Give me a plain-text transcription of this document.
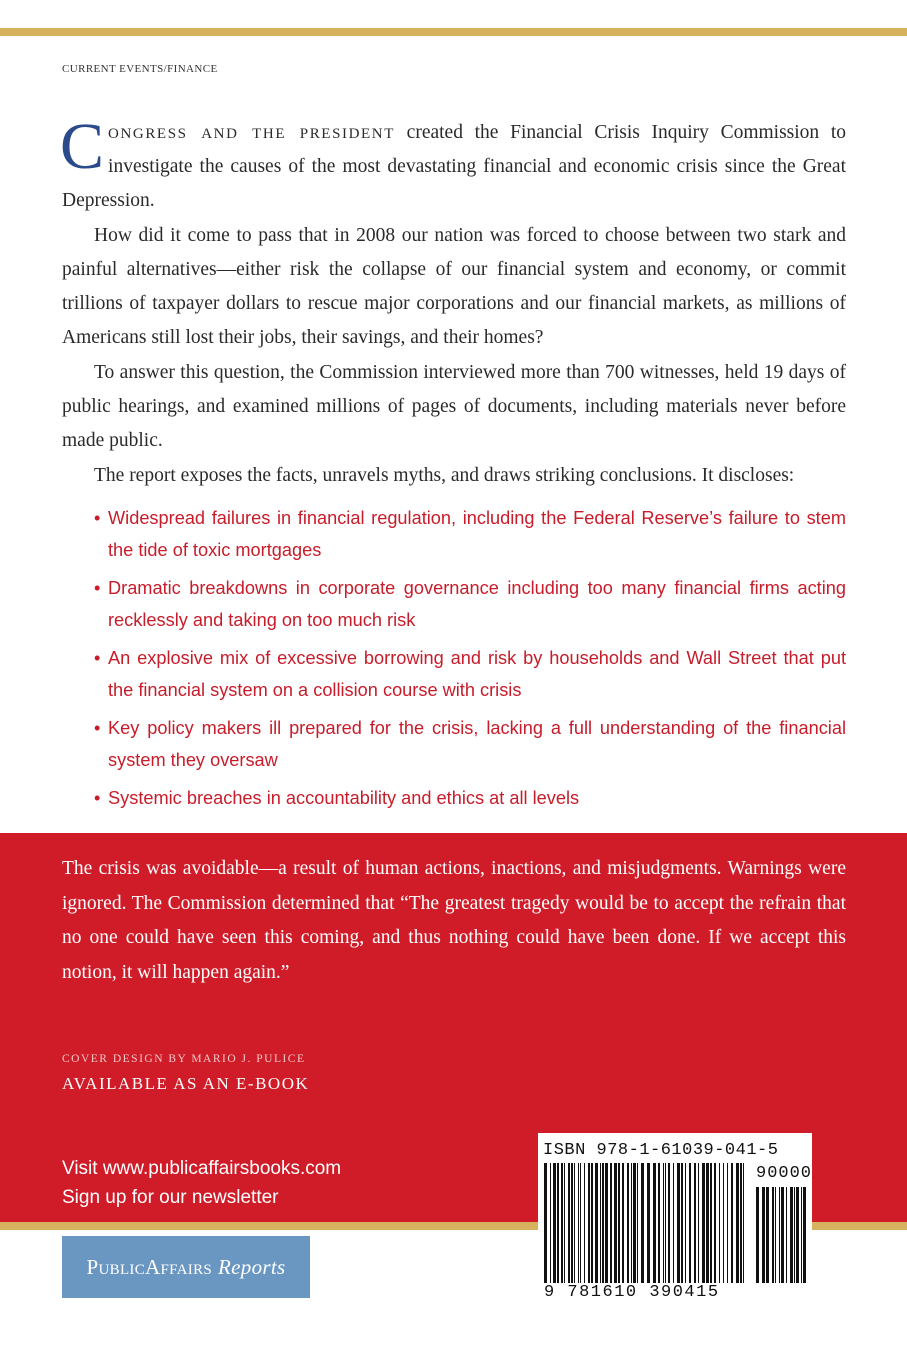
CURRENT EVENTS/FINANCE
Congress and the president created the Financial Crisis Inquiry Commission to investigate the causes of the most devastating financial and economic crisis since the Great Depression.
How did it come to pass that in 2008 our nation was forced to choose between two stark and painful alternatives—either risk the collapse of our financial system and economy, or commit trillions of taxpayer dollars to rescue major corporations and our financial markets, as millions of Americans still lost their jobs, their savings, and their homes?
To answer this question, the Commission interviewed more than 700 witnesses, held 19 days of public hearings, and examined millions of pages of documents, including materials never before made public.
The report exposes the facts, unravels myths, and draws striking conclusions. It discloses:
• Widespread failures in financial regulation, including the Federal Reserve’s failure to stem the tide of toxic mortgages
• Dramatic breakdowns in corporate governance including too many financial firms acting recklessly and taking on too much risk
• An explosive mix of excessive borrowing and risk by households and Wall Street that put the financial system on a collision course with crisis
• Key policy makers ill prepared for the crisis, lacking a full understanding of the financial system they oversaw
• Systemic breaches in accountability and ethics at all levels
The crisis was avoidable—a result of human actions, inactions, and misjudgments. Warnings were ignored. The Commission determined that “The greatest tragedy would be to accept the refrain that no one could have seen this coming, and thus nothing could have been done. If we accept this notion, it will happen again.”
COVER DESIGN BY MARIO J. PULICE
AVAILABLE AS AN E-BOOK
Visit www.publicaffairsbooks.com
Sign up for our newsletter
PublicAffairs Reports
ISBN 978-1-61039-041-5
90000
9 781610 390415
